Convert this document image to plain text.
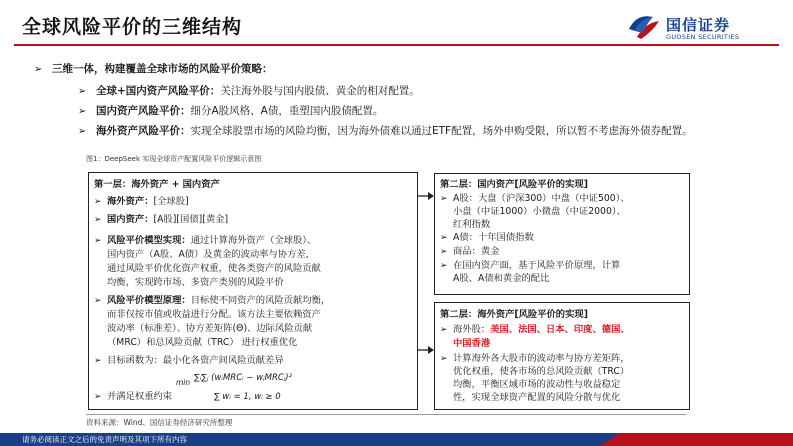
全球风险平价的三维结构	国信证券
GUOSEN SECURITIES
➢ 三维一体，构建覆盖全球市场的风险平价策略：
➢ 全球+国内资产风险平价：关注海外股与国内股债、黄金的相对配置。
➢ 国内资产风险平价：细分A股风格、A债，重塑国内股债配置。
➢ 海外资产风险平价：实现全球股票市场的风险均衡，因为海外债难以通过ETF配置，场外申购受限，所以暂不考虑海外债券配置。
图1：DeepSeek 实现全球资产配置风险平价逻辑示意图
第一层：海外资产 + 国内资产
➢ 海外资产：[全球股]
➢ 国内资产：[A股][国债][黄金]
➢ 风险平价模型实现：通过计算海外资产（全球股）、
国内资产（A股、A债）及黄金的波动率与协方差，
通过风险平价优化资产权重，使各类资产的风险贡献
均衡，实现跨市场、多资产类别的风险平价
➢ 风险平价模型原理：目标使不同资产的风险贡献均衡，
而非仅按市值或收益进行分配。该方法主要依赖资产
波动率（标准差）、协方差矩阵(Θ)、边际风险贡献
（MRC）和总风险贡献（TRC） 进行权重优化
➢ 目标函数为：最小化各资产间风险贡献差异
min ∑ᵢ∑ⱼ (wᵢMRCᵢ − wⱼMRCⱼ)²
➢ 并满足权重约束	∑ wᵢ = 1, wᵢ ≥ 0
第二层：国内资产[风险平价的实现]
➢ A股：大盘（沪深300）中盘（中证500）、
小盘（中证1000）小微盘（中证2000）、
红利指数
➢ A债：十年国债指数
➢ 商品：黄金
➢ 在国内资产面，基于风险平价原理，计算
A股、A债和黄金的配比
第二层：海外资产[风险平价的实现]
➢ 海外股：美国、法国、日本、印度、德国、
中国香港
➢ 计算海外各大股市的波动率与协方差矩阵，
优化权重，使各市场的总风险贡献（TRC）
均衡，平衡区域市场的波动性与收益稳定
性，实现全球资产配置的风险分散与优化
资料来源：Wind、国信证券经济研究所整理
请务必阅读正文之后的免责声明及其项下所有内容
